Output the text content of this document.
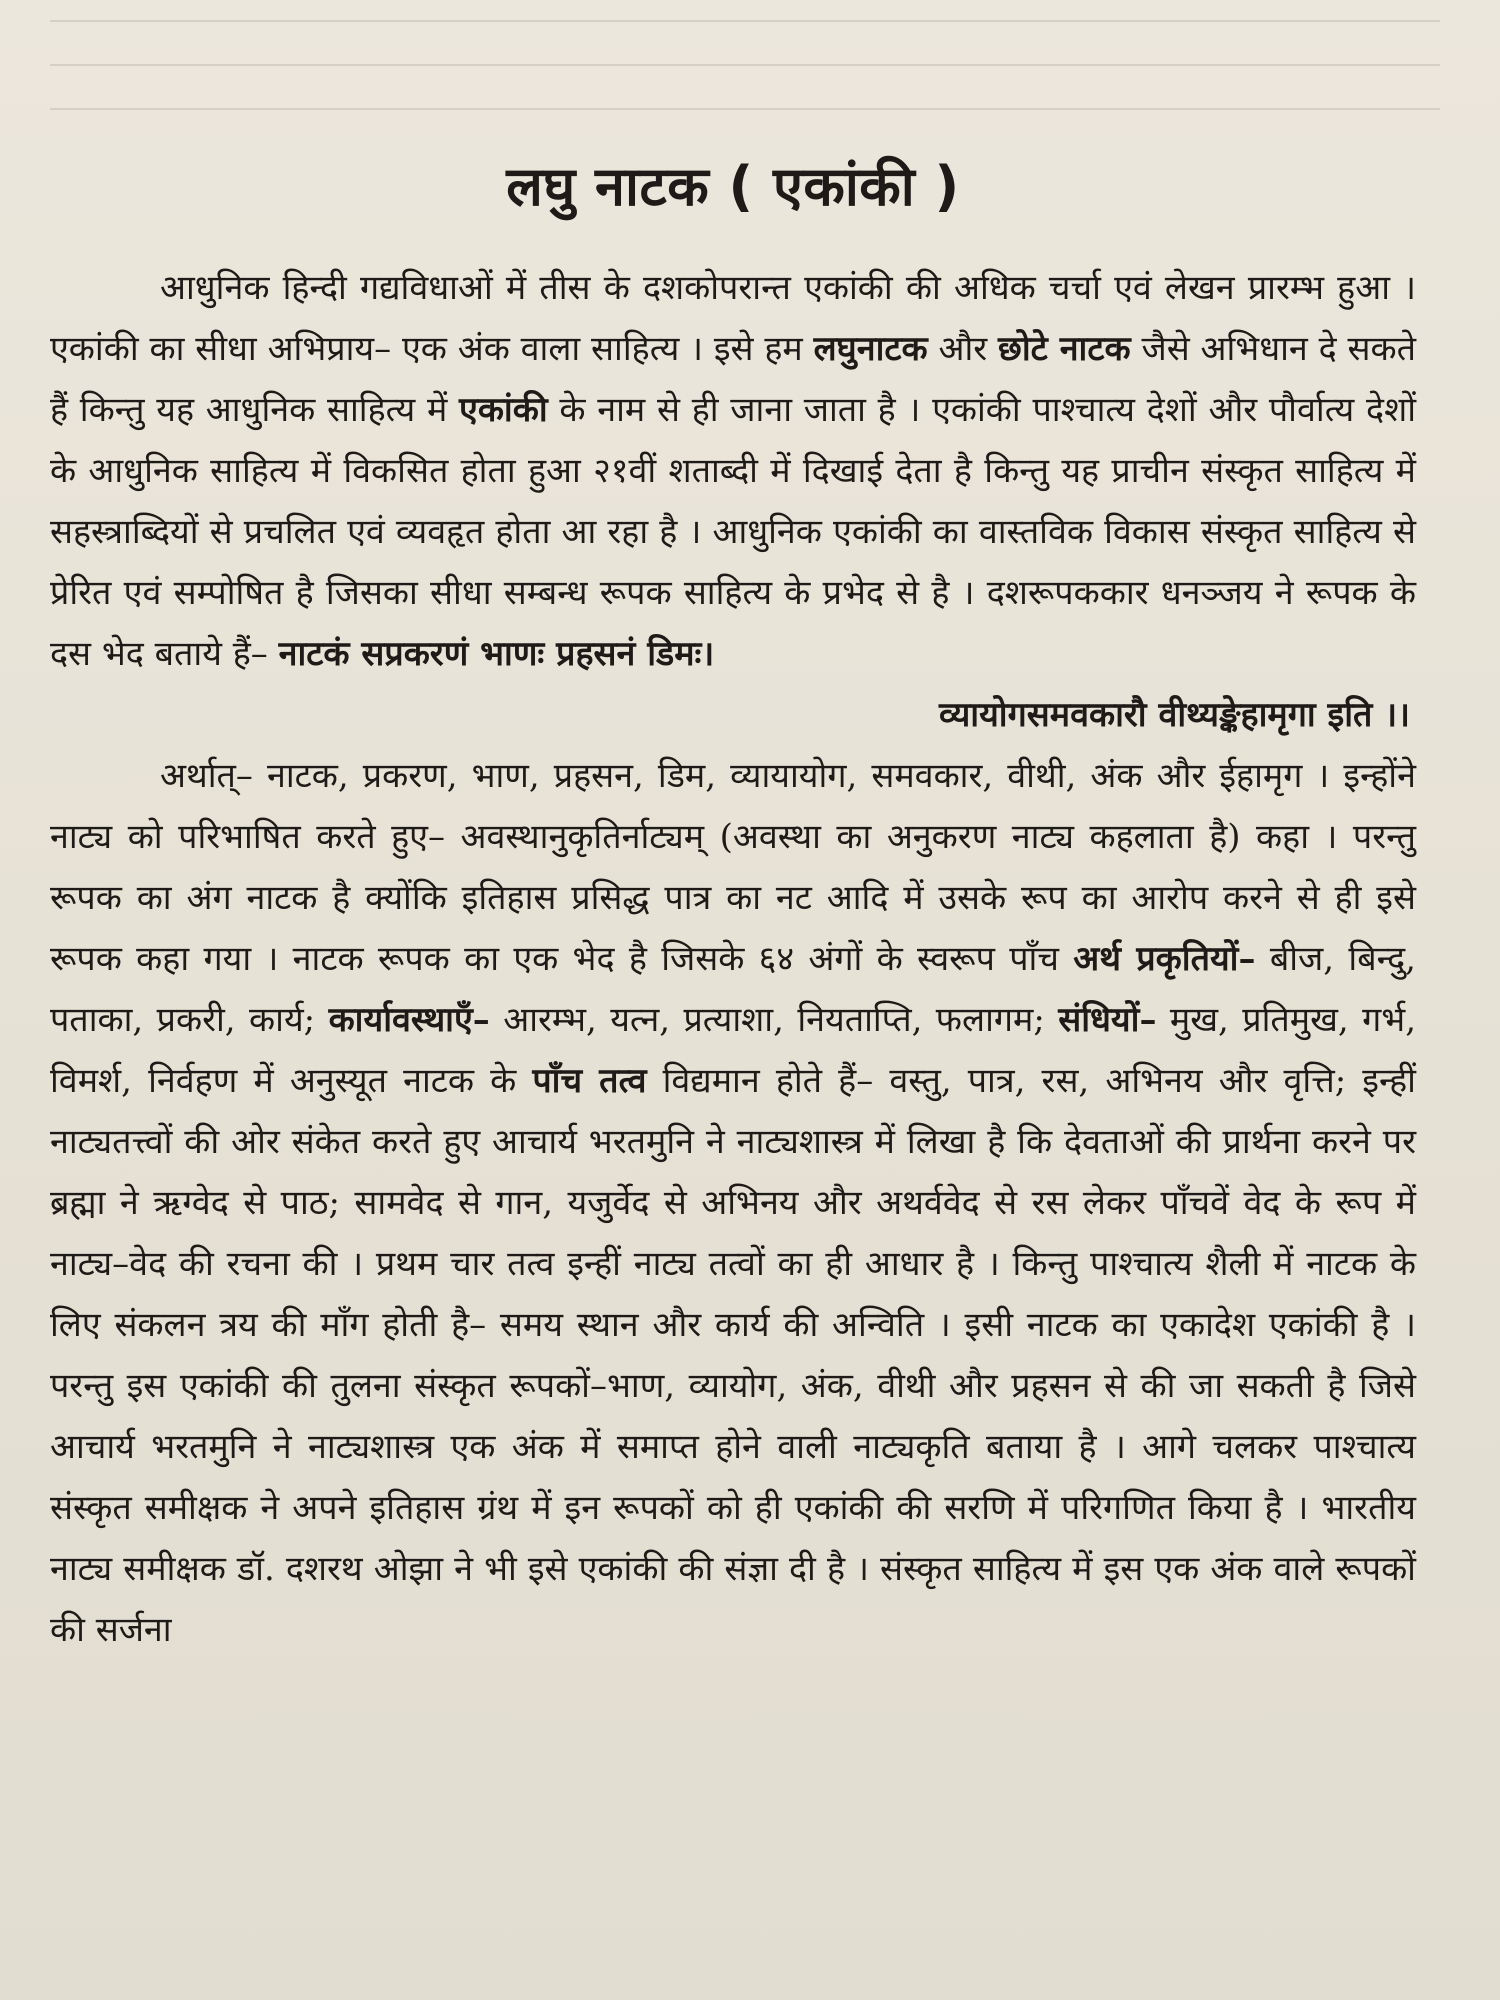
लघु नाटक ( एकांकी )

आधुनिक हिन्दी गद्यविधाओं में तीस के दशकोपरान्त एकांकी की अधिक चर्चा एवं लेखन प्रारम्भ हुआ । एकांकी का सीधा अभिप्राय– एक अंक वाला साहित्य । इसे हम लघुनाटक और छोटे नाटक जैसे अभिधान दे सकते हैं किन्तु यह आधुनिक साहित्य में एकांकी के नाम से ही जाना जाता है । एकांकी पाश्चात्य देशों और पौर्वात्य देशों के आधुनिक साहित्य में विकसित होता हुआ २१वीं शताब्दी में दिखाई देता है किन्तु यह प्राचीन संस्कृत साहित्य में सहस्त्राब्दियों से प्रचलित एवं व्यवहृत होता आ रहा है । आधुनिक एकांकी का वास्तविक विकास संस्कृत साहित्य से प्रेरित एवं सम्पोषित है जिसका सीधा सम्बन्ध रूपक साहित्य के प्रभेद से है । दशरूपककार धनञ्जय ने रूपक के दस भेद बताये हैं– नाटकं सप्रकरणं भाणः प्रहसनं डिमः।

व्यायोगसमवकारौ वीथ्यङ्केहामृगा इति ।।

अर्थात्– नाटक, प्रकरण, भाण, प्रहसन, डिम, व्यायायोग, समवकार, वीथी, अंक और ईहामृग । इन्होंने नाट्य को परिभाषित करते हुए– अवस्थानुकृतिर्नाट्यम् (अवस्था का अनुकरण नाट्य कहलाता है) कहा । परन्तु रूपक का अंग नाटक है क्योंकि इतिहास प्रसिद्ध पात्र का नट आदि में उसके रूप का आरोप करने से ही इसे रूपक कहा गया । नाटक रूपक का एक भेद है जिसके ६४ अंगों के स्वरूप पाँच अर्थ प्रकृतियों– बीज, बिन्दु, पताका, प्रकरी, कार्य; कार्यावस्थाएँ– आरम्भ, यत्न, प्रत्याशा, नियताप्ति, फलागम; संधियों– मुख, प्रतिमुख, गर्भ, विमर्श, निर्वहण में अनुस्यूत नाटक के पाँच तत्व विद्यमान होते हैं– वस्तु, पात्र, रस, अभिनय और वृत्ति; इन्हीं नाट्यतत्त्वों की ओर संकेत करते हुए आचार्य भरतमुनि ने नाट्यशास्त्र में लिखा है कि देवताओं की प्रार्थना करने पर ब्रह्मा ने ऋग्वेद से पाठ; सामवेद से गान, यजुर्वेद से अभिनय और अथर्ववेद से रस लेकर पाँचवें वेद के रूप में नाट्य–वेद की रचना की । प्रथम चार तत्व इन्हीं नाट्य तत्वों का ही आधार है । किन्तु पाश्चात्य शैली में नाटक के लिए संकलन त्रय की माँग होती है– समय स्थान और कार्य की अन्विति । इसी नाटक का एकादेश एकांकी है । परन्तु इस एकांकी की तुलना संस्कृत रूपकों–भाण, व्यायोग, अंक, वीथी और प्रहसन से की जा सकती है जिसे आचार्य भरतमुनि ने नाट्यशास्त्र एक अंक में समाप्त होने वाली नाट्यकृति बताया है । आगे चलकर पाश्चात्य संस्कृत समीक्षक ने अपने इतिहास ग्रंथ में इन रूपकों को ही एकांकी की सरणि में परिगणित किया है । भारतीय नाट्य समीक्षक डॉ. दशरथ ओझा ने भी इसे एकांकी की संज्ञा दी है । संस्कृत साहित्य में इस एक अंक वाले रूपकों की सर्जना
